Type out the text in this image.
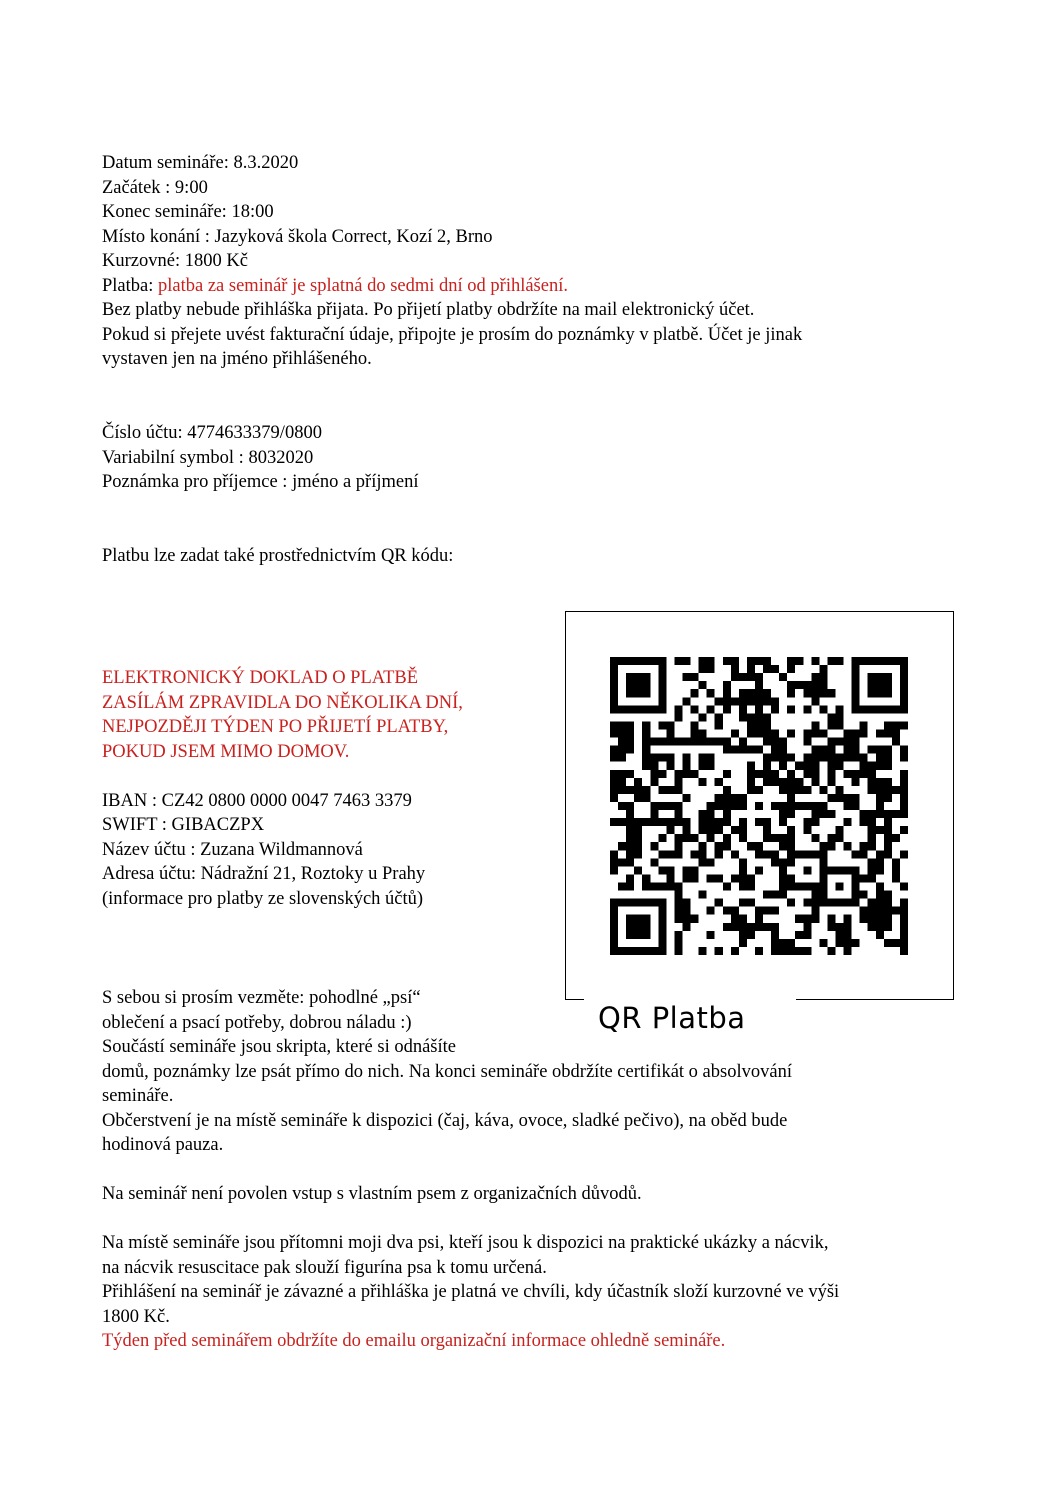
Datum semináře: 8.3.2020
Začátek : 9:00
Konec semináře: 18:00
Místo konání : Jazyková škola Correct, Kozí 2, Brno
Kurzovné: 1800 Kč
Platba: platba za seminář je splatná do sedmi dní od přihlášení.
Bez platby nebude přihláška přijata. Po přijetí platby obdržíte na mail elektronický účet.
Pokud si přejete uvést fakturační údaje, připojte je prosím do poznámky v platbě. Účet je jinak
vystaven jen na jméno přihlášeného.
Číslo účtu: 4774633379/0800
Variabilní symbol : 8032020
Poznámka pro příjemce : jméno a příjmení
Platbu lze zadat také prostřednictvím QR kódu:
ELEKTRONICKÝ DOKLAD O PLATBĚ
ZASÍLÁM ZPRAVIDLA DO NĚKOLIKA DNÍ,
NEJPOZDĚJI TÝDEN PO PŘIJETÍ PLATBY,
POKUD JSEM MIMO DOMOV.
IBAN : CZ42 0800 0000 0047 7463 3379
SWIFT : GIBACZPX
Název účtu : Zuzana Wildmannová
Adresa účtu: Nádražní 21, Roztoky u Prahy
(informace pro platby ze slovenských účtů)
QR Platba
S sebou si prosím vezměte: pohodlné „psí“
oblečení a psací potřeby, dobrou náladu :)
Součástí semináře jsou skripta, které si odnášíte
domů, poznámky lze psát přímo do nich. Na konci semináře obdržíte certifikát o absolvování
semináře.
Občerstvení je na místě semináře k dispozici (čaj, káva, ovoce, sladké pečivo), na oběd bude
hodinová pauza.
Na seminář není povolen vstup s vlastním psem z organizačních důvodů.
Na místě semináře jsou přítomni moji dva psi, kteří jsou k dispozici na praktické ukázky a nácvik,
na nácvik resuscitace pak slouží figurína psa k tomu určená.
Přihlášení na seminář je závazné a přihláška je platná ve chvíli, kdy účastník složí kurzovné ve výši
1800 Kč.
Týden před seminářem obdržíte do emailu organizační informace ohledně semináře.
